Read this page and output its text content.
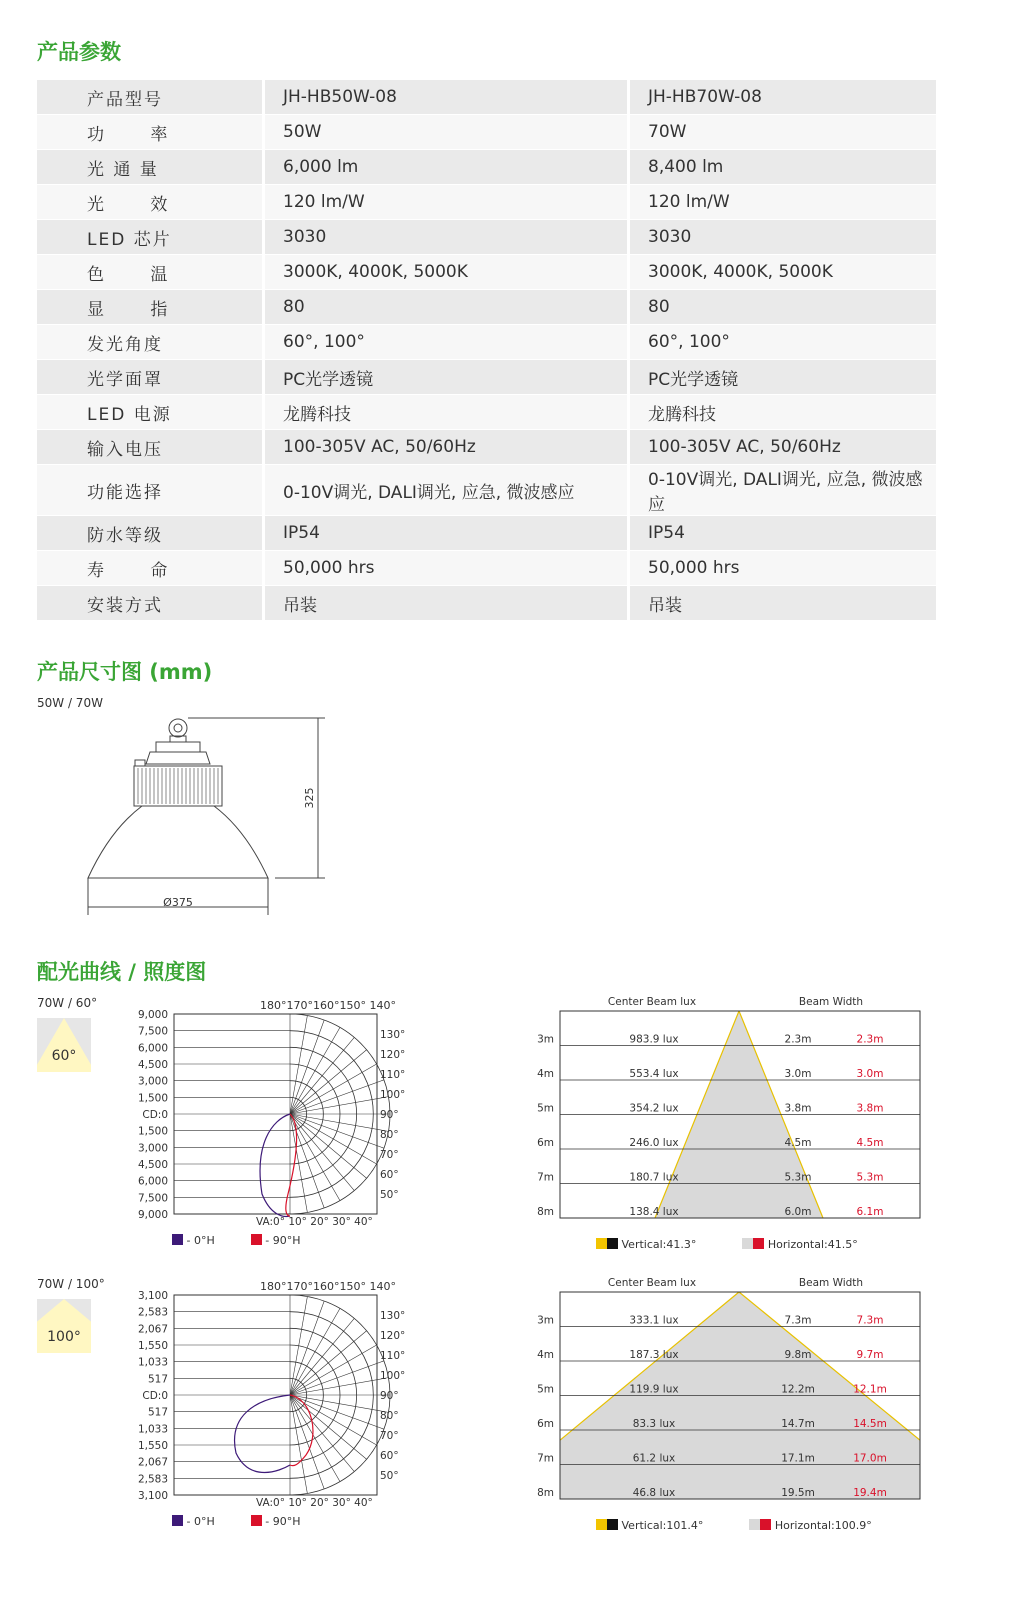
产品参数
产品型号	JH-HB50W-08	JH-HB70W-08
功      率	50W	70W
光 通 量	6,000 lm	8,400 lm
光      效	120 lm/W	120 lm/W
LED 芯片	3030	3030
色      温	3000K, 4000K, 5000K	3000K, 4000K, 5000K
显      指	80	80
发光角度	60°, 100°	60°, 100°
光学面罩	PC光学透镜	PC光学透镜
LED 电源	龙腾科技	龙腾科技
输入电压	100-305V AC, 50/60Hz	100-305V AC, 50/60Hz
功能选择	0-10V调光, DALI调光, 应急, 微波感应	0-10V调光, DALI调光, 应急, 微波感应
防水等级	IP54	IP54
寿      命	50,000 hrs	50,000 hrs
安装方式	吊装	吊装
产品尺寸图 (mm)
50W / 70W
Ø375
325
配光曲线 / 照度图
70W / 60°
60°
180°170°160°150° 140°
9,000
7,500
6,000
4,500
3,000
1,500
CD:0
1,500
3,000
4,500
6,000
7,500
9,000
130°
120°
110°
100°
90°
80°
70°
60°
50°
VA:0° 10° 20° 30° 40°
- 0°H	- 90°H
Center Beam lux	Beam Width
3m	983.9 lux	2.3m	2.3m
4m	553.4 lux	3.0m	3.0m
5m	354.2 lux	3.8m	3.8m
6m	246.0 lux	4.5m	4.5m
7m	180.7 lux	5.3m	5.3m
8m	138.4 lux	6.0m	6.1m
Vertical:41.3°	Horizontal:41.5°
70W / 100°
100°
180°170°160°150° 140°
3,100
2,583
2,067
1,550
1,033
517
CD:0
517
1,033
1,550
2,067
2,583
3,100
130°
120°
110°
100°
90°
80°
70°
60°
50°
VA:0° 10° 20° 30° 40°
- 0°H	- 90°H
Center Beam lux	Beam Width
3m	333.1 lux	7.3m	7.3m
4m	187.3 lux	9.8m	9.7m
5m	119.9 lux	12.2m	12.1m
6m	83.3 lux	14.7m	14.5m
7m	61.2 lux	17.1m	17.0m
8m	46.8 lux	19.5m	19.4m
Vertical:101.4°	Horizontal:100.9°
